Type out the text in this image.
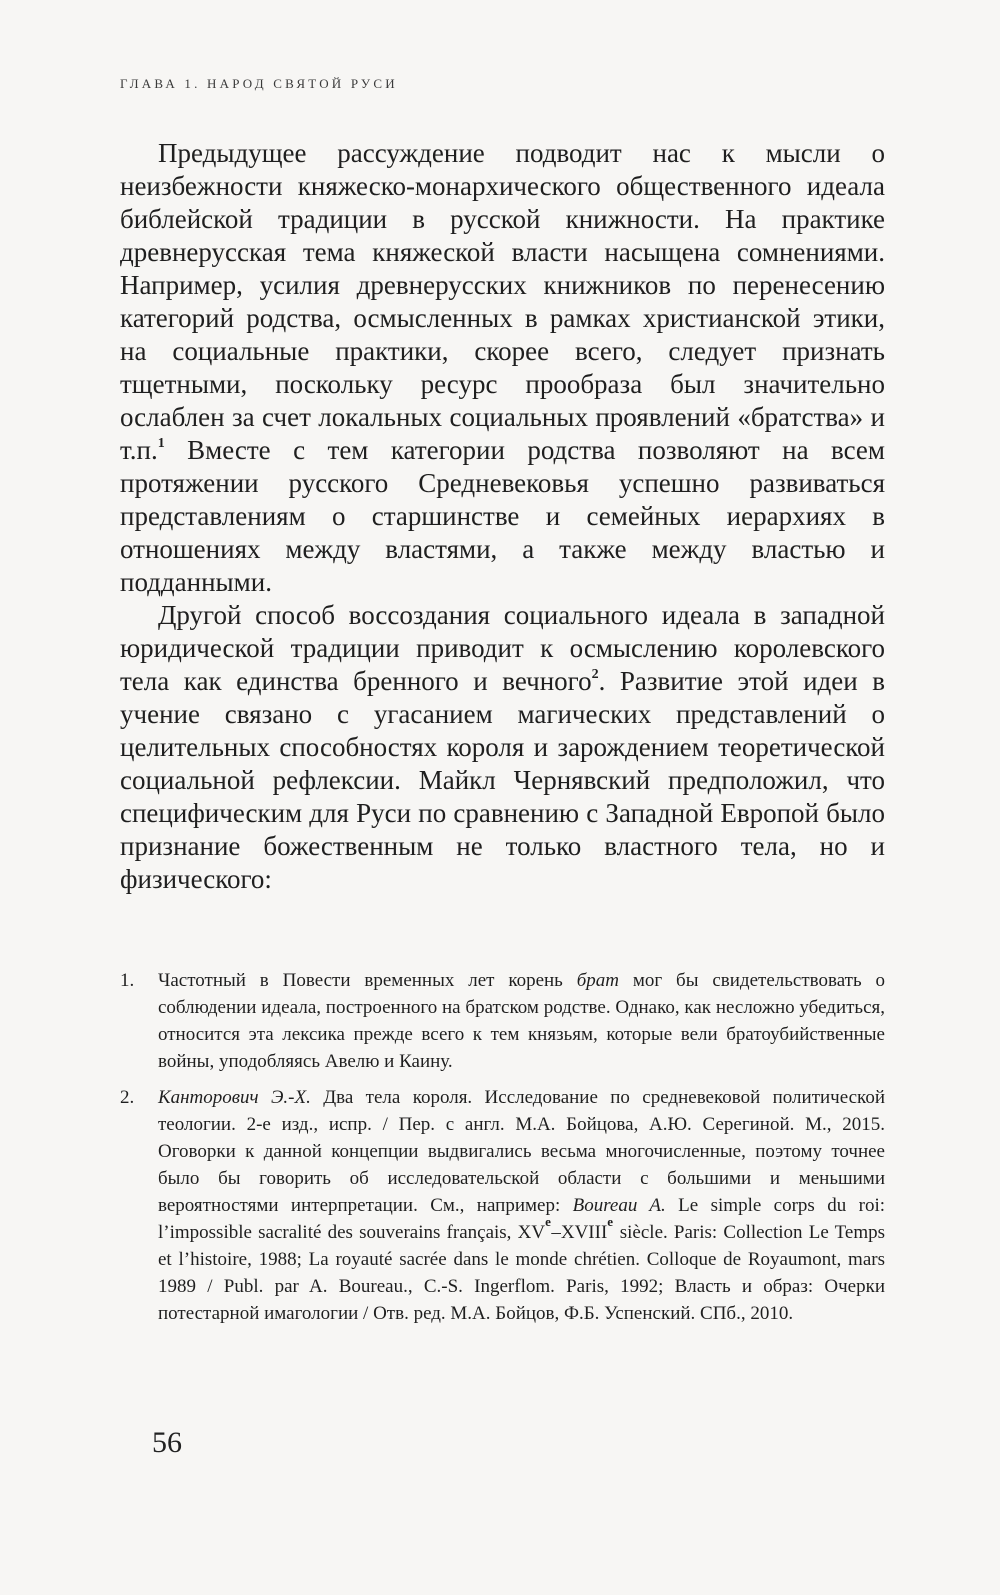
ГЛАВА 1. НАРОД СВЯТОЙ РУСИ

Предыдущее рассуждение подводит нас к мысли о неизбежности княжеско-монархического общественного идеала библейской традиции в русской книжности. На практике древнерусская тема княжеской власти насыщена сомнениями. Например, усилия древнерусских книжников по перенесению категорий родства, осмысленных в рамках христианской этики, на социальные практики, скорее всего, следует признать тщетными, поскольку ресурс прообраза был значительно ослаблен за счет локальных социальных проявлений «братства» и т.п.$^1$ Вместе с тем категории родства позволяют на всем протяжении русского Средневековья успешно развиваться представлениям о старшинстве и семейных иерархиях в отношениях между властями, а также между властью и подданными.

Другой способ воссоздания социального идеала в западной юридической традиции приводит к осмыслению королевского тела как единства бренного и вечного$^2$. Развитие этой идеи в учение связано с угасанием магических представлений о целительных способностях короля и зарождением теоретической социальной рефлексии. Майкл Чернявский предположил, что специфическим для Руси по сравнению с Западной Европой было признание божественным не только властного тела, но и физического:

1. Частотный в Повести временных лет корень брат мог бы свидетельствовать о соблюдении идеала, построенного на братском родстве. Однако, как несложно убедиться, относится эта лексика прежде всего к тем князьям, которые вели братоубийственные войны, уподобляясь Авелю и Каину.
2. Канторович Э.-Х. Два тела короля. Исследование по средневековой политической теологии. 2-е изд., испр. / Пер. с англ. М.А. Бойцова, А.Ю. Серегиной. М., 2015. Оговорки к данной концепции выдвигались весьма многочисленные, поэтому точнее было бы говорить об исследовательской области с большими и меньшими вероятностями интерпретации. См., например: Boureau A. Le simple corps du roi: l’impossible sacralité des souverains français, XVe–XVIIIe siècle. Paris: Collection Le Temps et l’histoire, 1988; La royauté sacrée dans le monde chrétien. Colloque de Royaumont, mars 1989 / Publ. par A. Boureau., C.-S. Ingerflom. Paris, 1992; Власть и образ: Очерки потестарной имагологии / Отв. ред. М.А. Бойцов, Ф.Б. Успенский. СПб., 2010.
56
